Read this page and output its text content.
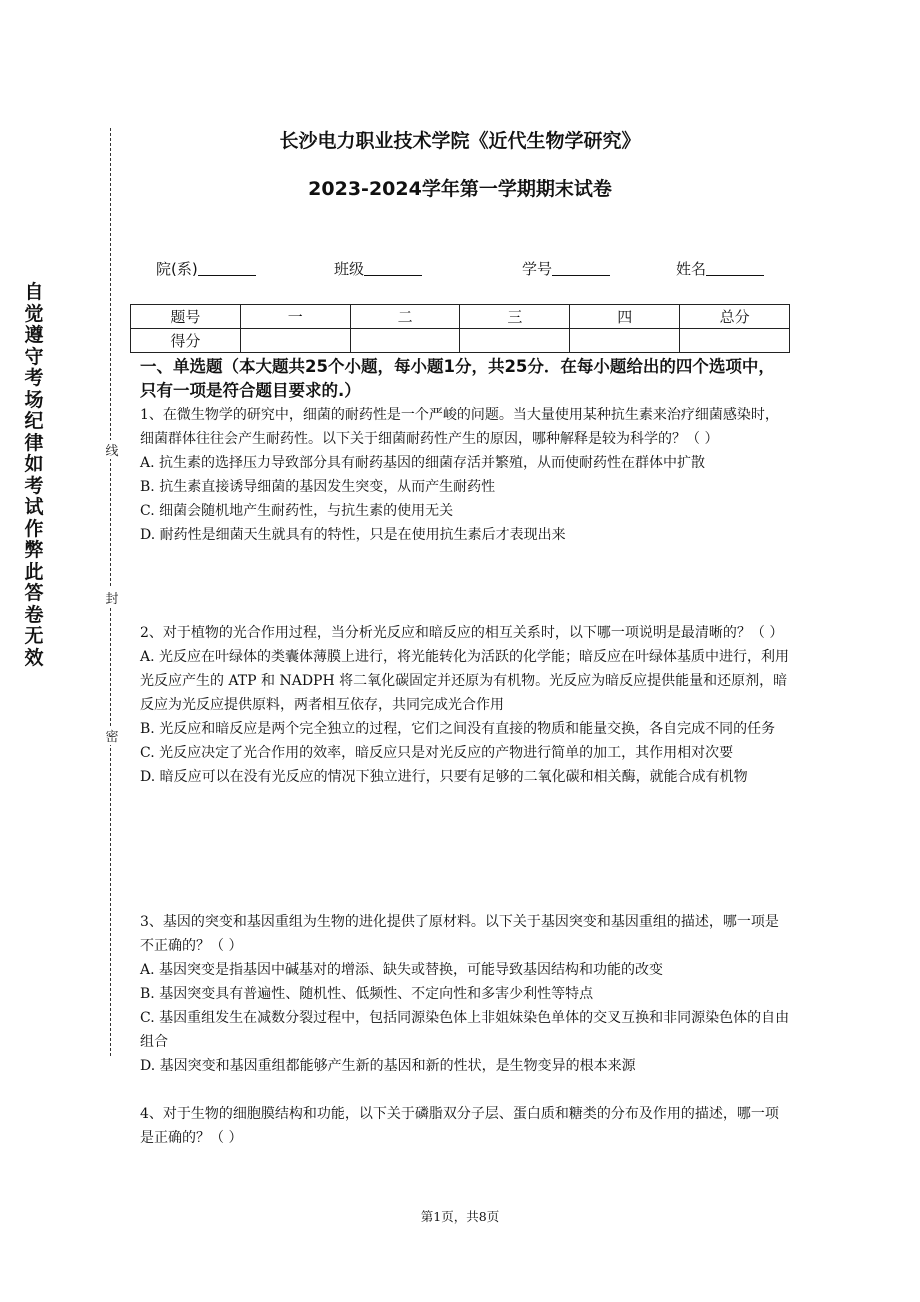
自
觉
遵
守
考
场
纪
律
如
考
试
作
弊
此
答
卷
无
效
线
封
密
长沙电力职业技术学院《近代生物学研究》
2023-2024学年第一学期期末试卷
院(系)	班级	学号	姓名
题号	一	二	三	四	总分
得分					
一、单选题（本大题共25个小题，每小题1分，共25分．在每小题给出的四个选项中，只有一项是符合题目要求的.）

1、在微生物学的研究中，细菌的耐药性是一个严峻的问题。当大量使用某种抗生素来治疗细菌感染时，细菌群体往往会产生耐药性。以下关于细菌耐药性产生的原因，哪种解释是较为科学的？（ ）

A. 抗生素的选择压力导致部分具有耐药基因的细菌存活并繁殖，从而使耐药性在群体中扩散

B. 抗生素直接诱导细菌的基因发生突变，从而产生耐药性

C. 细菌会随机地产生耐药性，与抗生素的使用无关

D. 耐药性是细菌天生就具有的特性，只是在使用抗生素后才表现出来

2、对于植物的光合作用过程，当分析光反应和暗反应的相互关系时，以下哪一项说明是最清晰的？（ ）

A. 光反应在叶绿体的类囊体薄膜上进行，将光能转化为活跃的化学能；暗反应在叶绿体基质中进行，利用光反应产生的 ATP 和 NADPH 将二氧化碳固定并还原为有机物。光反应为暗反应提供能量和还原剂，暗反应为光反应提供原料，两者相互依存，共同完成光合作用

B. 光反应和暗反应是两个完全独立的过程，它们之间没有直接的物质和能量交换，各自完成不同的任务

C. 光反应决定了光合作用的效率，暗反应只是对光反应的产物进行简单的加工，其作用相对次要

D. 暗反应可以在没有光反应的情况下独立进行，只要有足够的二氧化碳和相关酶，就能合成有机物

3、基因的突变和基因重组为生物的进化提供了原材料。以下关于基因突变和基因重组的描述，哪一项是不正确的？（ ）

A. 基因突变是指基因中碱基对的增添、缺失或替换，可能导致基因结构和功能的改变

B. 基因突变具有普遍性、随机性、低频性、不定向性和多害少利性等特点

C. 基因重组发生在减数分裂过程中，包括同源染色体上非姐妹染色单体的交叉互换和非同源染色体的自由组合

D. 基因突变和基因重组都能够产生新的基因和新的性状，是生物变异的根本来源

4、对于生物的细胞膜结构和功能，以下关于磷脂双分子层、蛋白质和糖类的分布及作用的描述，哪一项是正确的？（ ）

第1页，共8页
